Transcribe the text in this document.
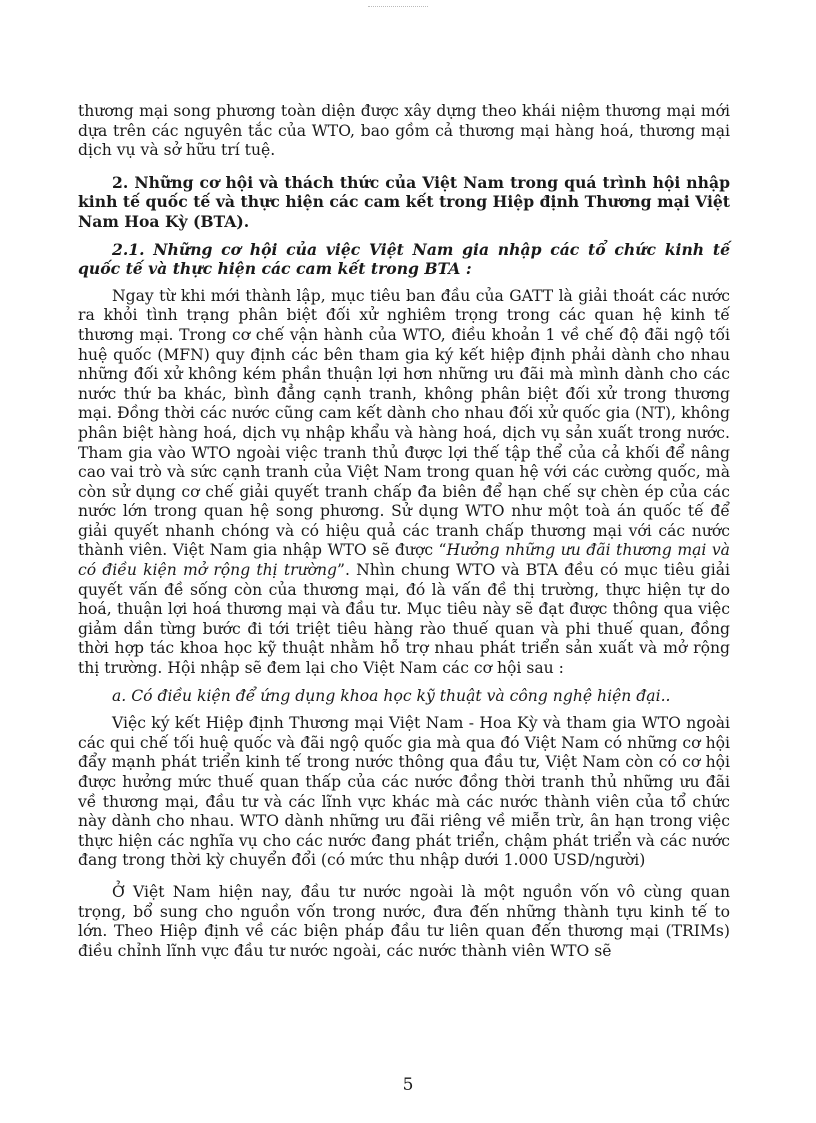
thương mại song phương toàn diện được xây dựng theo khái niệm thương mại mới dựa trên các nguyên tắc của WTO, bao gồm cả thương mại hàng hoá, thương mại dịch vụ và sở hữu trí tuệ.

2. Những cơ hội và thách thức của Việt Nam trong quá trình hội nhập kinh tế quốc tế và thực hiện các cam kết trong Hiệp định Thương mại Việt Nam Hoa Kỳ (BTA).

2.1. Những cơ hội của việc Việt Nam gia nhập các tổ chức kinh tế quốc tế và thực hiện các cam kết trong BTA :

Ngay từ khi mới thành lập, mục tiêu ban đầu của GATT là giải thoát các nước ra khỏi tình trạng phân biệt đối xử nghiêm trọng trong các quan hệ kinh tế thương mại. Trong cơ chế vận hành của WTO, điều khoản 1 về chế độ đãi ngộ tối huệ quốc (MFN) quy định các bên tham gia ký kết hiệp định phải dành cho nhau những đối xử không kém phần thuận lợi hơn những ưu đãi mà mình dành cho các nước thứ ba khác, bình đẳng cạnh tranh, không phân biệt đối xử trong thương mại. Đồng thời các nước cũng cam kết dành cho nhau đối xử quốc gia (NT), không phân biệt hàng hoá, dịch vụ nhập khẩu và hàng hoá, dịch vụ sản xuất trong nước. Tham gia vào WTO ngoài việc tranh thủ được lợi thế tập thể của cả khối để nâng cao vai trò và sức cạnh tranh của Việt Nam trong quan hệ với các cường quốc, mà còn sử dụng cơ chế giải quyết tranh chấp đa biên để hạn chế sự chèn ép của các nước lớn trong quan hệ song phương. Sử dụng WTO như một toà án quốc tế để giải quyết nhanh chóng và có hiệu quả các tranh chấp thương mại với các nước thành viên. Việt Nam gia nhập WTO sẽ được “Hưởng những ưu đãi thương mại và có điều kiện mở rộng thị trường”. Nhìn chung WTO và BTA đều có mục tiêu giải quyết vấn đề sống còn của thương mại, đó là vấn đề thị trường, thực hiện tự do hoá, thuận lợi hoá thương mại và đầu tư. Mục tiêu này sẽ đạt được thông qua việc giảm dần từng bước đi tới triệt tiêu hàng rào thuế quan và phi thuế quan, đồng thời hợp tác khoa học kỹ thuật nhằm hỗ trợ nhau phát triển sản xuất và mở rộng thị trường. Hội nhập sẽ đem lại cho Việt Nam các cơ hội sau :

a. Có điều kiện để ứng dụng khoa học kỹ thuật và công nghệ hiện đại..

Việc ký kết Hiệp định Thương mại Việt Nam - Hoa Kỳ và tham gia WTO ngoài các qui chế tối huệ quốc và đãi ngộ quốc gia mà qua đó Việt Nam có những cơ hội đẩy mạnh phát triển kinh tế trong nước thông qua đầu tư, Việt Nam còn có cơ hội được hưởng mức thuế quan thấp của các nước đồng thời tranh thủ những ưu đãi về thương mại, đầu tư và các lĩnh vực khác mà các nước thành viên của tổ chức này dành cho nhau. WTO dành những ưu đãi riêng về miễn trừ, ân hạn trong việc thực hiện các nghĩa vụ cho các nước đang phát triển, chậm phát triển và các nước đang trong thời kỳ chuyển đổi (có mức thu nhập dưới 1.000 USD/người)

Ở Việt Nam hiện nay, đầu tư nước ngoài là một nguồn vốn vô cùng quan trọng, bổ sung cho nguồn vốn trong nước, đưa đến những thành tựu kinh tế to lớn. Theo Hiệp định về các biện pháp đầu tư liên quan đến thương mại (TRIMs) điều chỉnh lĩnh vực đầu tư nước ngoài, các nước thành viên WTO sẽ

5
